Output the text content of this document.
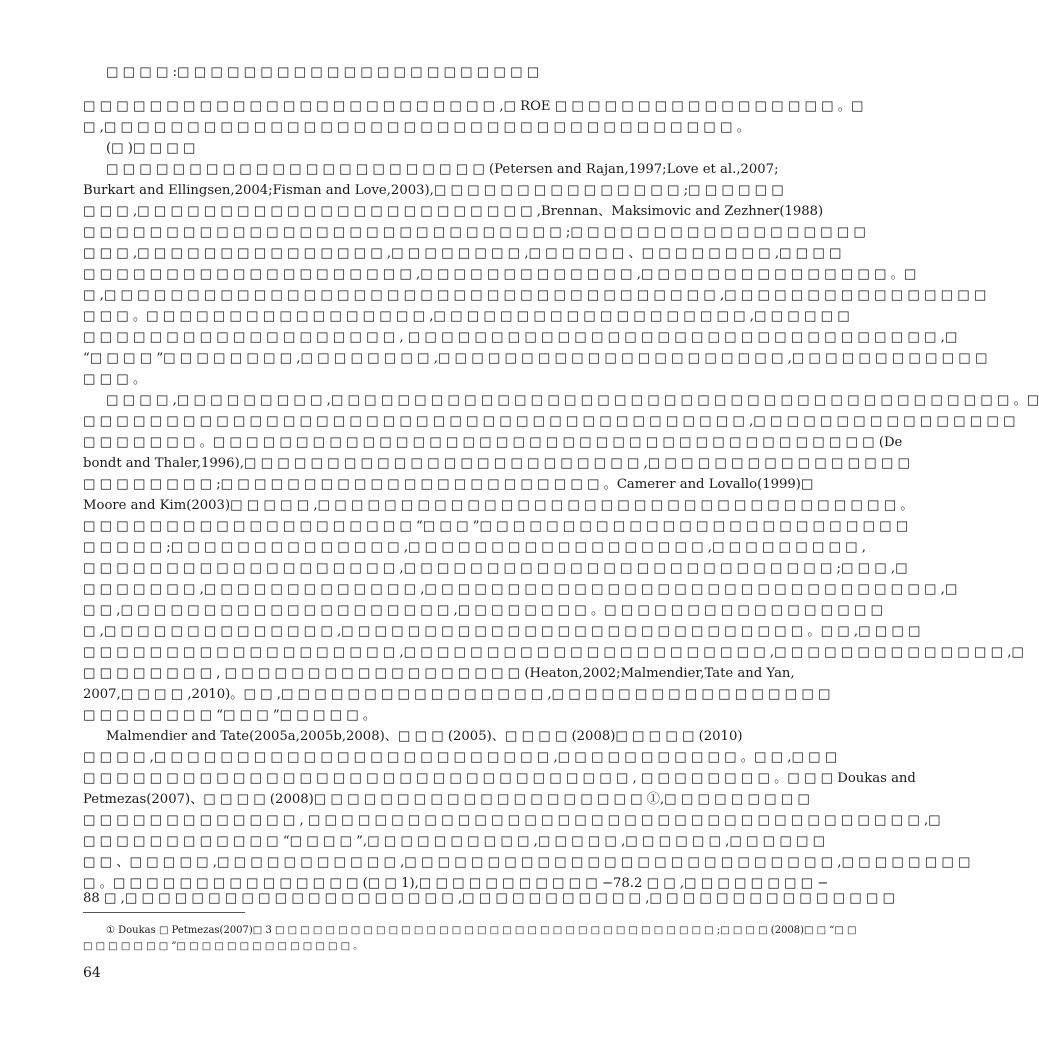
□ □ □ □ :□ □ □ □ □ □ □ □ □ □ □ □ □ □ □ □ □ □ □ □ □ □
□ □ □ □ □ □ □ □ □ □ □ □ □ □ □ □ □ □ □ □ □ □ □ □ □ ,□ ROE □ □ □ □ □ □ □ □ □ □ □ □ □ □ □ □ □ 。□
□ ,□ □ □ □ □ □ □ □ □ □ □ □ □ □ □ □ □ □ □ □ □ □ □ □ □ □ □ □ □ □ □ □ □ □ □ □ □ □ 。
(□ )□ □ □ □
□ □ □ □ □ □ □ □ □ □ □ □ □ □ □ □ □ □ □ □ □ □ □ (Petersen and Rajan,1997;Love et al.,2007;
Burkart and Ellingsen,2004;Fisman and Love,2003),□ □ □ □ □ □ □ □ □ □ □ □ □ □ □ ;□ □ □ □ □ □
□ □ □ ,□ □ □ □ □ □ □ □ □ □ □ □ □ □ □ □ □ □ □ □ □ □ □ □ ,Brennan、Maksimovic and Zezhner(1988)
□ □ □ □ □ □ □ □ □ □ □ □ □ □ □ □ □ □ □ □ □ □ □ □ □ □ □ □ □ ;□ □ □ □ □ □ □ □ □ □ □ □ □ □ □ □ □ □
□ □ □ ,□ □ □ □ □ □ □ □ □ □ □ □ □ □ □ ,□ □ □ □ □ □ □ □ ,□ □ □ □ □ □ 、□ □ □ □ □ □ □ □ ,□ □ □ □
□ □ □ □ □ □ □ □ □ □ □ □ □ □ □ □ □ □ □ □ ,□ □ □ □ □ □ □ □ □ □ □ □ □ ,□ □ □ □ □ □ □ □ □ □ □ □ □ □ □ 。□
□ ,□ □ □ □ □ □ □ □ □ □ □ □ □ □ □ □ □ □ □ □ □ □ □ □ □ □ □ □ □ □ □ □ □ □ □ □ □ ,□ □ □ □ □ □ □ □ □ □ □ □ □ □ □ □
□ □ □ 。□ □ □ □ □ □ □ □ □ □ □ □ □ □ □ □ □ ,□ □ □ □ □ □ □ □ □ □ □ □ □ □ □ □ □ □ □ ,□ □ □ □ □ □
□ □ □ □ □ □ □ □ □ □ □ □ □ □ □ □ □ □ □ , □ □ □ □ □ □ □ □ □ □ □ □ □ □ □ □ □ □ □ □ □ □ □ □ □ □ □ □ □ □ □ □ ,□
“□ □ □ □ ”□ □ □ □ □ □ □ □ ,□ □ □ □ □ □ □ □ ,□ □ □ □ □ □ □ □ □ □ □ □ □ □ □ □ □ □ □ □ □ ,□ □ □ □ □ □ □ □ □ □ □ □
□ □ □ 。
□ □ □ □ ,□ □ □ □ □ □ □ □ □ ,□ □ □ □ □ □ □ □ □ □ □ □ □ □ □ □ □ □ □ □ □ □ □ □ □ □ □ □ □ □ □ □ □ □ □ □ □ □ □ □ □ 。□
□ □ □ □ □ □ □ □ □ □ □ □ □ □ □ □ □ □ □ □ □ □ □ □ □ □ □ □ □ □ □ □ □ □ □ □ □ □ □ □ ,□ □ □ □ □ □ □ □ □ □ □ □ □ □ □ □
□ □ □ □ □ □ □ 。□ □ □ □ □ □ □ □ □ □ □ □ □ □ □ □ □ □ □ □ □ □ □ □ □ □ □ □ □ □ □ □ □ □ □ □ □ □ □ □ (De
bondt and Thaler,1996),□ □ □ □ □ □ □ □ □ □ □ □ □ □ □ □ □ □ □ □ □ □ □ □ ,□ □ □ □ □ □ □ □ □ □ □ □ □ □ □ □
□ □ □ □ □ □ □ □ ;□ □ □ □ □ □ □ □ □ □ □ □ □ □ □ □ □ □ □ □ □ □ □ 。Camerer and Lovallo(1999)□
Moore and Kim(2003)□ □ □ □ □ ,□ □ □ □ □ □ □ □ □ □ □ □ □ □ □ □ □ □ □ □ □ □ □ □ □ □ □ □ □ □ □ □ □ □ □ 。
□ □ □ □ □ □ □ □ □ □ □ □ □ □ □ □ □ □ □ □ “□ □ □ ”□ □ □ □ □ □ □ □ □ □ □ □ □ □ □ □ □ □ □ □ □ □ □ □ □ □
□ □ □ □ □ ;□ □ □ □ □ □ □ □ □ □ □ □ □ □ ,□ □ □ □ □ □ □ □ □ □ □ □ □ □ □ □ □ □ ,□ □ □ □ □ □ □ □ □ ,
□ □ □ □ □ □ □ □ □ □ □ □ □ □ □ □ □ □ □ ,□ □ □ □ □ □ □ □ □ □ □ □ □ □ □ □ □ □ □ □ □ □ □ □ □ □ ;□ □ □ ,□
□ □ □ □ □ □ □ ,□ □ □ □ □ □ □ □ □ □ □ □ □ ,□ □ □ □ □ □ □ □ □ □ □ □ □ □ □ □ □ □ □ □ □ □ □ □ □ □ □ □ □ □ □ ,□
□ □ ,□ □ □ □ □ □ □ □ □ □ □ □ □ □ □ □ □ □ □ □ ,□ □ □ □ □ □ □ □ 。□ □ □ □ □ □ □ □ □ □ □ □ □ □ □ □ □
□ ,□ □ □ □ □ □ □ □ □ □ □ □ □ □ ,□ □ □ □ □ □ □ □ □ □ □ □ □ □ □ □ □ □ □ □ □ □ □ □ □ □ □ □ 。□ □ ,□ □ □ □
□ □ □ □ □ □ □ □ □ □ □ □ □ □ □ □ □ □ □ ,□ □ □ □ □ □ □ □ □ □ □ □ □ □ □ □ □ □ □ □ □ □ ,□ □ □ □ □ □ □ □ □ □ □ □ □ □ ,□
□ □ □ □ □ □ □ □ , □ □ □ □ □ □ □ □ □ □ □ □ □ □ □ □ □ □ (Heaton,2002;Malmendier,Tate and Yan,
2007,□ □ □ □ ,2010)。□ □ ,□ □ □ □ □ □ □ □ □ □ □ □ □ □ □ □ ,□ □ □ □ □ □ □ □ □ □ □ □ □ □ □ □ □
□ □ □ □ □ □ □ □ “□ □ □ ”□ □ □ □ □ 。
Malmendier and Tate(2005a,2005b,2008)、□ □ □ (2005)、□ □ □ □ (2008)□ □ □ □ □ (2010)
□ □ □ □ ,□ □ □ □ □ □ □ □ □ □ □ □ □ □ □ □ □ □ □ □ □ □ □ □ ,□ □ □ □ □ □ □ □ □ □ □ 。□ □ ,□ □ □
□ □ □ □ □ □ □ □ □ □ □ □ □ □ □ □ □ □ □ □ □ □ □ □ □ □ □ □ □ □ □ □ □ , □ □ □ □ □ □ □ □ 。□ □ □ Doukas and
Petmezas(2007)、□ □ □ □ (2008)□ □ □ □ □ □ □ □ □ □ □ □ □ □ □ □ □ □ □ □ ①,□ □ □ □ □ □ □ □ □
□ □ □ □ □ □ □ □ □ □ □ □ □ , □ □ □ □ □ □ □ □ □ □ □ □ □ □ □ □ □ □ □ □ □ □ □ □ □ □ □ □ □ □ □ □ □ □ □ □ □ ,□
□ □ □ □ □ □ □ □ □ □ □ □ “□ □ □ □ ”,□ □ □ □ □ □ □ □ □ □ ,□ □ □ □ □ ,□ □ □ □ □ □ ,□ □ □ □ □ □
□ □ 、□ □ □ □ □ ,□ □ □ □ □ □ □ □ □ □ □ ,□ □ □ □ □ □ □ □ □ □ □ □ □ □ □ □ □ □ □ □ □ □ □ □ □ □ ,□ □ □ □ □ □ □ □
□ 。□ □ □ □ □ □ □ □ □ □ □ □ □ □ □ (□ □ 1),□ □ □ □ □ □ □ □ □ □ □ −78.2 □ □ ,□ □ □ □ □ □ □ □ −
88 □ ,□ □ □ □ □ □ □ □ □ □ □ □ □ □ □ □ □ □ □ □ ,□ □ □ □ □ □ □ □ □ □ □ ,□ □ □ □ □ □ □ □ □ □ □ □ □ □ □
① Doukas □ Petmezas(2007)□ 3 □ □ □ □ □ □ □ □ □ □ □ □ □ □ □ □ □ □ □ □ □ □ □ □ □ □ □ □ □ □ □ □ □ □ □ ;□ □ □ □ (2008)□ □ “□ □
□ □ □ □ □ □ □ ”□ □ □ □ □ □ □ □ □ □ □ □ □ □ 。
64
